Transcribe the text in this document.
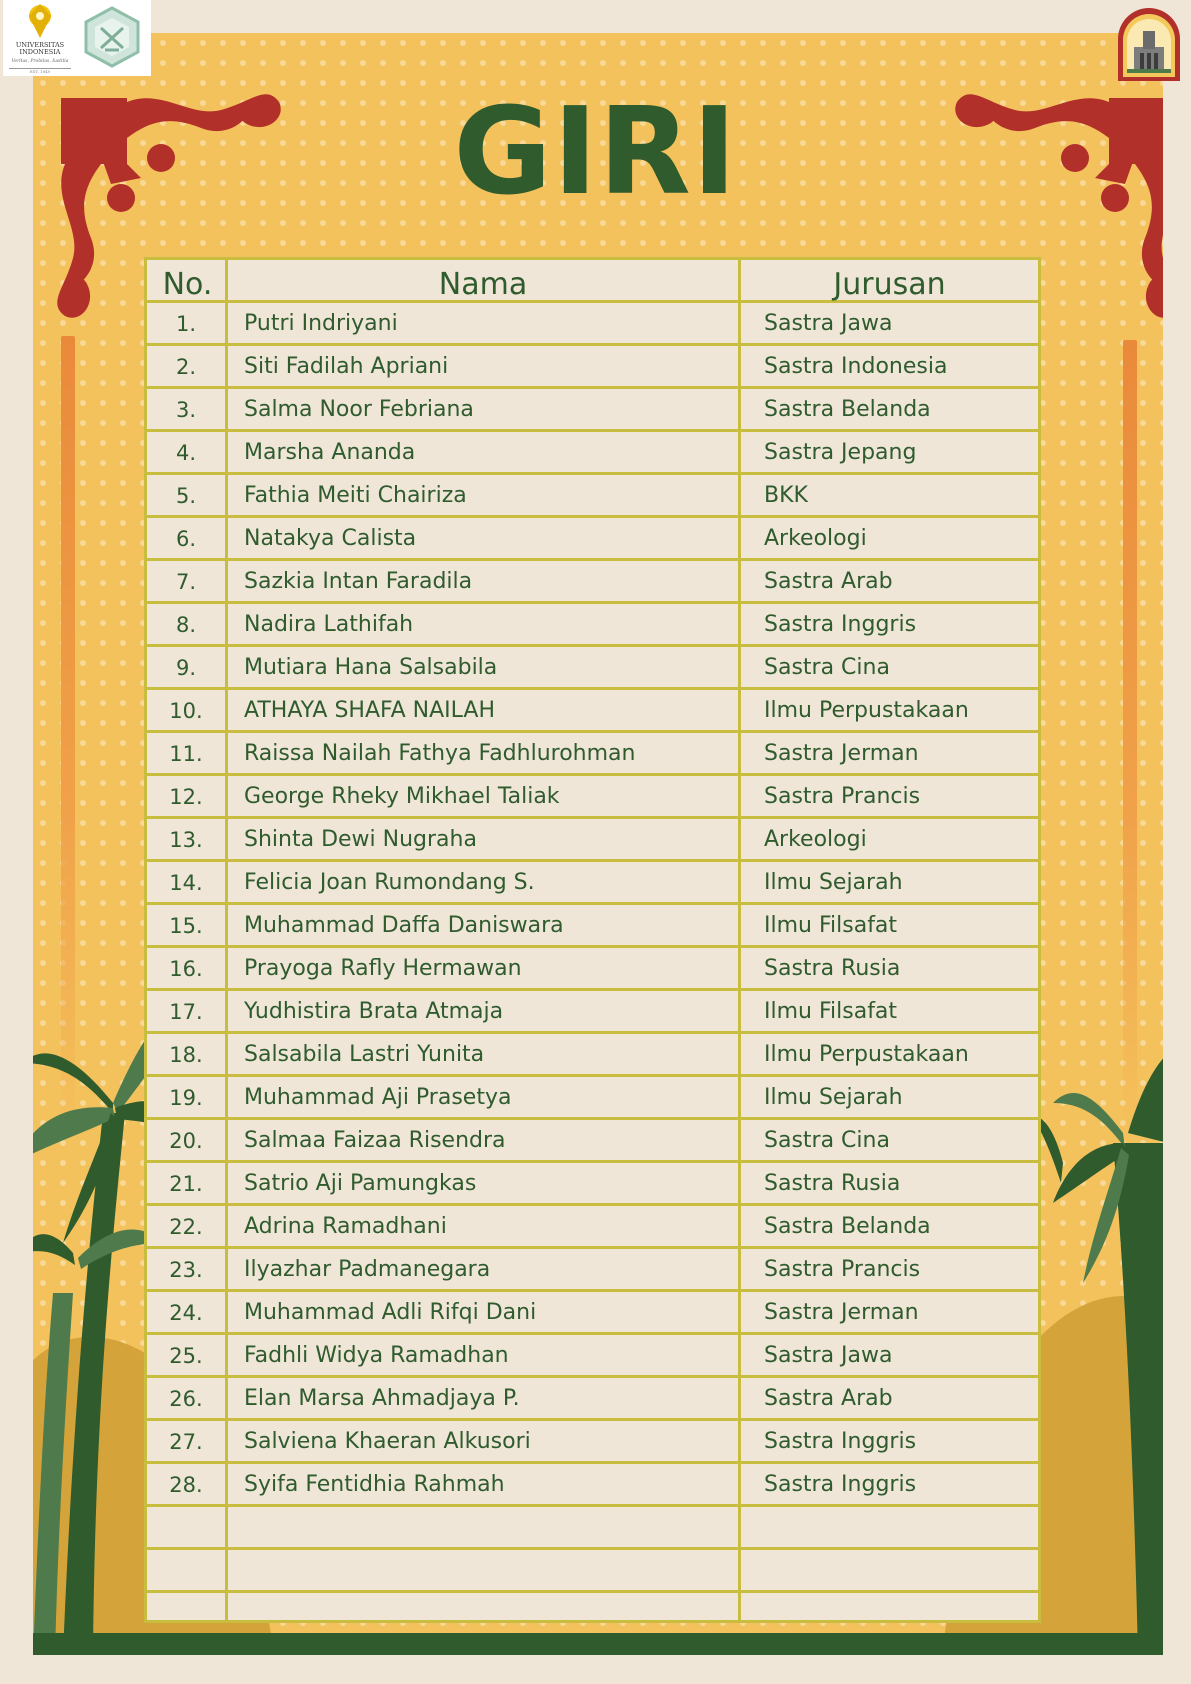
UNIVERSITAS
INDONESIA
Veritas, Probitas, Iustitia
EST. 1849
GIRI
No.	Nama	Jurusan
1.	Putri Indriyani	Sastra Jawa
2.	Siti Fadilah Apriani	Sastra Indonesia
3.	Salma Noor Febriana	Sastra Belanda
4.	Marsha Ananda	Sastra Jepang
5.	Fathia Meiti Chairiza	BKK
6.	Natakya Calista	Arkeologi
7.	Sazkia Intan Faradila	Sastra Arab
8.	Nadira Lathifah	Sastra Inggris
9.	Mutiara Hana Salsabila	Sastra Cina
10.	ATHAYA SHAFA NAILAH	Ilmu Perpustakaan
11.	Raissa Nailah Fathya Fadhlurohman	Sastra Jerman
12.	George Rheky Mikhael Taliak	Sastra Prancis
13.	Shinta Dewi Nugraha	Arkeologi
14.	Felicia Joan Rumondang S.	Ilmu Sejarah
15.	Muhammad Daffa Daniswara	Ilmu Filsafat
16.	Prayoga Rafly Hermawan	Sastra Rusia
17.	Yudhistira Brata Atmaja	Ilmu Filsafat
18.	Salsabila Lastri Yunita	Ilmu Perpustakaan
19.	Muhammad Aji Prasetya	Ilmu Sejarah
20.	Salmaa Faizaa Risendra	Sastra Cina
21.	Satrio Aji Pamungkas	Sastra Rusia
22.	Adrina Ramadhani	Sastra Belanda
23.	Ilyazhar Padmanegara	Sastra Prancis
24.	Muhammad Adli Rifqi Dani	Sastra Jerman
25.	Fadhli Widya Ramadhan	Sastra Jawa
26.	Elan Marsa Ahmadjaya P.	Sastra Arab
27.	Salviena Khaeran Alkusori	Sastra Inggris
28.	Syifa Fentidhia Rahmah	Sastra Inggris
